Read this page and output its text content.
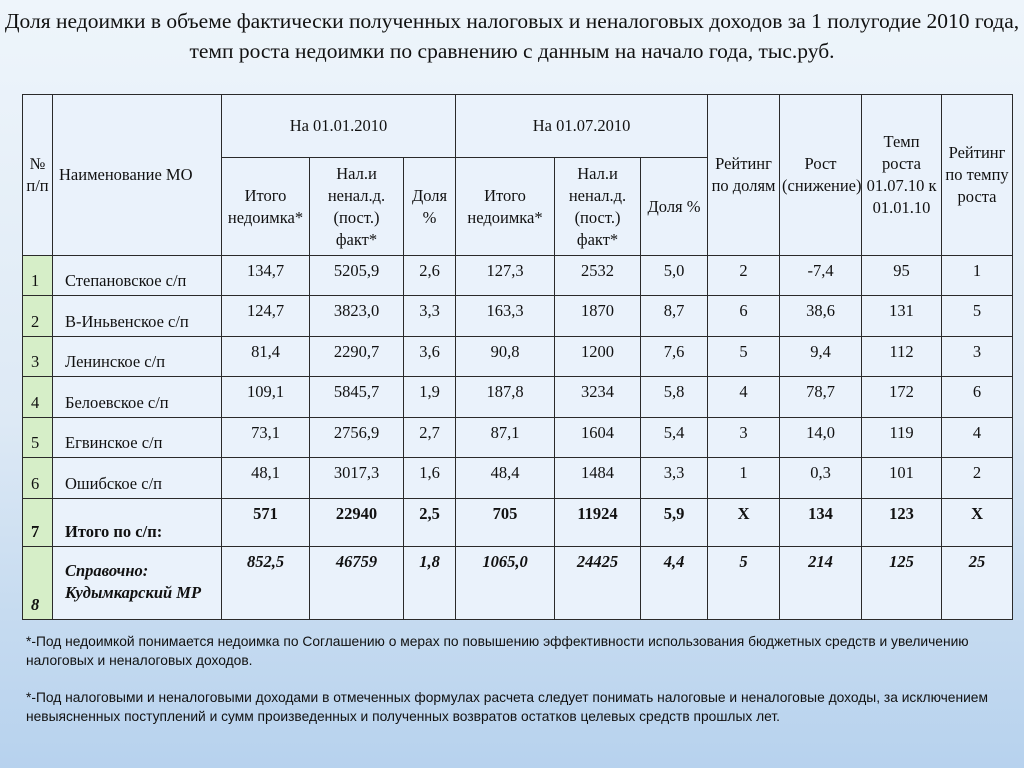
Доля недоимки в объеме фактически полученных налоговых и неналоговых доходов за 1 полугодие 2010 года, темп роста недоимки по сравнению с данным на начало года, тыс.руб.
№ п/п	Наименование МО	На 01.01.2010			На 01.07.2010			Рейтинг по долям	Рост (снижение)	Темп роста 01.07.10 к 01.01.10	Рейтинг по темпу роста
		Итого недоимка*	Нал.и ненал.д. (пост.) факт*	Доля %	Итого недоимка*	Нал.и ненал.д. (пост.) факт*	Доля %				
1	Степановское с/п	134,7	5205,9	2,6	127,3	2532	5,0	2	-7,4	95	1
2	В-Иньвенское с/п	124,7	3823,0	3,3	163,3	1870	8,7	6	38,6	131	5
3	Ленинское с/п	81,4	2290,7	3,6	90,8	1200	7,6	5	9,4	112	3
4	Белоевское с/п	109,1	5845,7	1,9	187,8	3234	5,8	4	78,7	172	6
5	Егвинское с/п	73,1	2756,9	2,7	87,1	1604	5,4	3	14,0	119	4
6	Ошибское с/п	48,1	3017,3	1,6	48,4	1484	3,3	1	0,3	101	2
7	Итого по с/п:	571	22940	2,5	705	11924	5,9	Х	134	123	Х
8	Справочно: Кудымкарский МР	852,5	46759	1,8	1065,0	24425	4,4	5	214	125	25

*-Под недоимкой понимается недоимка по Соглашению о мерах по повышению эффективности использования бюджетных средств и увеличению налоговых и неналоговых доходов.

*-Под налоговыми и неналоговыми доходами в отмеченных формулах расчета следует понимать налоговые и неналоговые доходы, за исключением невыясненных поступлений и сумм произведенных и полученных возвратов остатков целевых средств прошлых лет.
